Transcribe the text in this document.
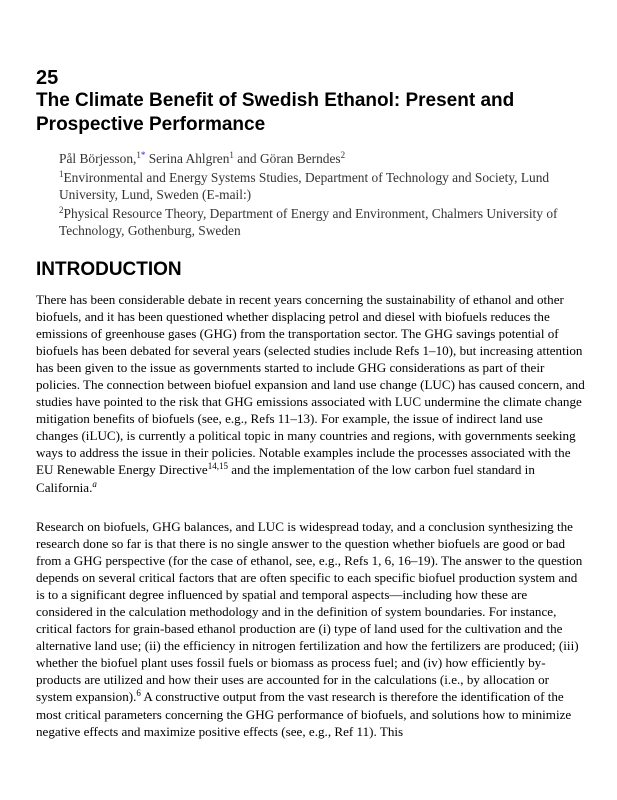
25
The Climate Benefit of Swedish Ethanol: Present and Prospective Performance
Pål Börjesson,$^{1*}$ Serina Ahlgren$^1$ and Göran Berndes$^2$
$^1$Environmental and Energy Systems Studies, Department of Technology and Society, Lund University, Lund, Sweden (E-mail:)
$^2$Physical Resource Theory, Department of Energy and Environment, Chalmers University of Technology, Gothenburg, Sweden
INTRODUCTION

There has been considerable debate in recent years concerning the sustainability of ethanol and other biofuels, and it has been questioned whether displacing petrol and diesel with biofuels reduces the emissions of greenhouse gases (GHG) from the transportation sector. The GHG savings potential of biofuels has been debated for several years (selected studies include Refs 1–10), but increasing attention has been given to the issue as governments started to include GHG considerations as part of their policies. The connection between biofuel expansion and land use change (LUC) has caused concern, and studies have pointed to the risk that GHG emissions associated with LUC undermine the climate change mitigation benefits of biofuels (see, e.g., Refs 11–13). For example, the issue of indirect land use changes (iLUC), is currently a political topic in many countries and regions, with governments seeking ways to address the issue in their policies. Notable examples include the processes associated with the EU Renewable Energy Directive$^{14,15}$ and the implementation of the low carbon fuel standard in California.$^a$

Research on biofuels, GHG balances, and LUC is widespread today, and a conclusion synthesizing the research done so far is that there is no single answer to the question whether biofuels are good or bad from a GHG perspective (for the case of ethanol, see, e.g., Refs 1, 6, 16–19). The answer to the question depends on several critical factors that are often specific to each specific biofuel production system and is to a significant degree influenced by spatial and temporal aspects—including how these are considered in the calculation methodology and in the definition of system boundaries. For instance, critical factors for grain-based ethanol production are (i) type of land used for the cultivation and the alternative land use; (ii) the efficiency in nitrogen fertilization and how the fertilizers are produced; (iii) whether the biofuel plant uses fossil fuels or biomass as process fuel; and (iv) how efficiently by-products are utilized and how their uses are accounted for in the calculations (i.e., by allocation or system expansion).$^6$ A constructive output from the vast research is therefore the identification of the most critical parameters concerning the GHG performance of biofuels, and solutions how to minimize negative effects and maximize positive effects (see, e.g., Ref 11). This
